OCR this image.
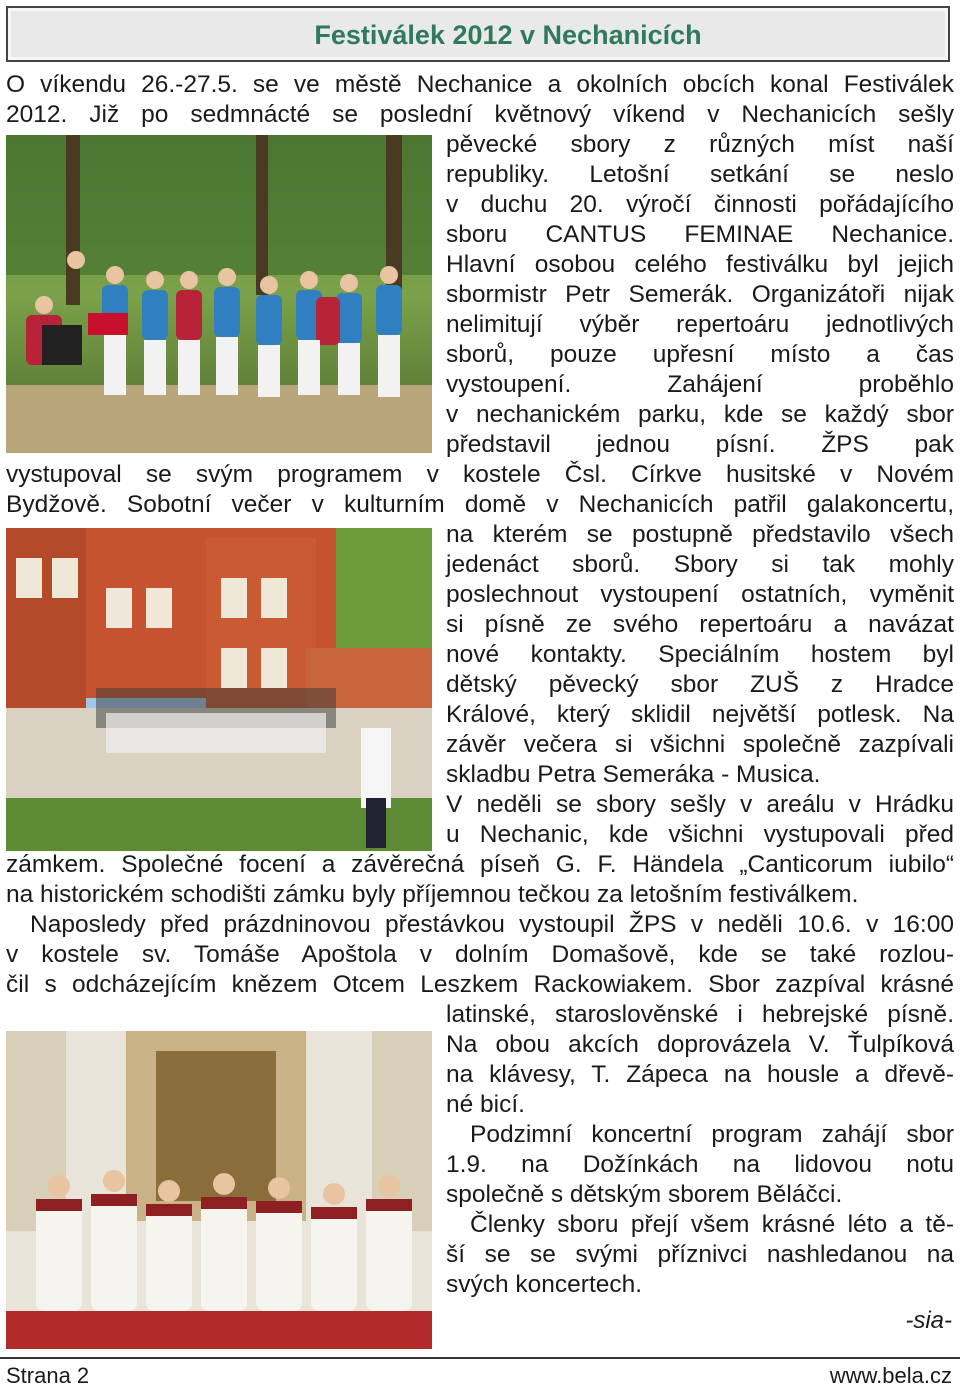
Festiválek 2012 v Nechanicích
O víkendu 26.-27.5. se ve městě Nechanice a okolních obcích konal Festiválek
2012. Již po sedmnácté se poslední květnový víkend v Nechanicích sešly
pěvecké sbory z různých míst naší
republiky. Letošní setkání se neslo
v duchu 20. výročí činnosti pořádajícího
sboru CANTUS FEMINAE Nechanice.
Hlavní osobou celého festiválku byl jejich
sbormistr Petr Semerák. Organizátoři nijak
nelimitují výběr repertoáru jednotlivých
sborů, pouze upřesní místo a čas
vystoupení. Zahájení proběhlo
v nechanickém parku, kde se každý sbor
představil jednou písní. ŽPS pak
vystupoval se svým programem v kostele Čsl. Církve husitské v Novém
Bydžově. Sobotní večer v kulturním domě v Nechanicích patřil galakoncertu,
na kterém se postupně představilo všech
jedenáct sborů. Sbory si tak mohly
poslechnout vystoupení ostatních, vyměnit
si písně ze svého repertoáru a navázat
nové kontakty. Speciálním hostem byl
dětský pěvecký sbor ZUŠ z Hradce
Králové, který sklidil největší potlesk. Na
závěr večera si všichni společně zazpívali
skladbu Petra Semeráka - Musica.
V neděli se sbory sešly v areálu v Hrádku
u Nechanic, kde všichni vystupovali před
zámkem. Společné focení a závěrečná píseň G. F. Händela „Canticorum iubilo“
na historickém schodišti zámku byly příjemnou tečkou za letošním festiválkem.
Naposledy před prázdninovou přestávkou vystoupil ŽPS v neděli 10.6. v 16:00
v kostele sv. Tomáše Apoštola v dolním Domašově, kde se také rozlou-
čil s odcházejícím knězem Otcem Leszkem Rackowiakem. Sbor zazpíval krásné
latinské, staroslověnské i hebrejské písně.
Na obou akcích doprovázela V. Ťulpíková
na klávesy, T. Zápeca na housle a dřevě-
né bicí.
Podzimní koncertní program zahájí sbor
1.9. na Dožínkách na lidovou notu
společně s dětským sborem Běláčci.
Členky sboru přejí všem krásné léto a tě-
ší se se svými příznivci nashledanou na
svých koncertech.
-sia-
Strana 2	www.bela.cz
